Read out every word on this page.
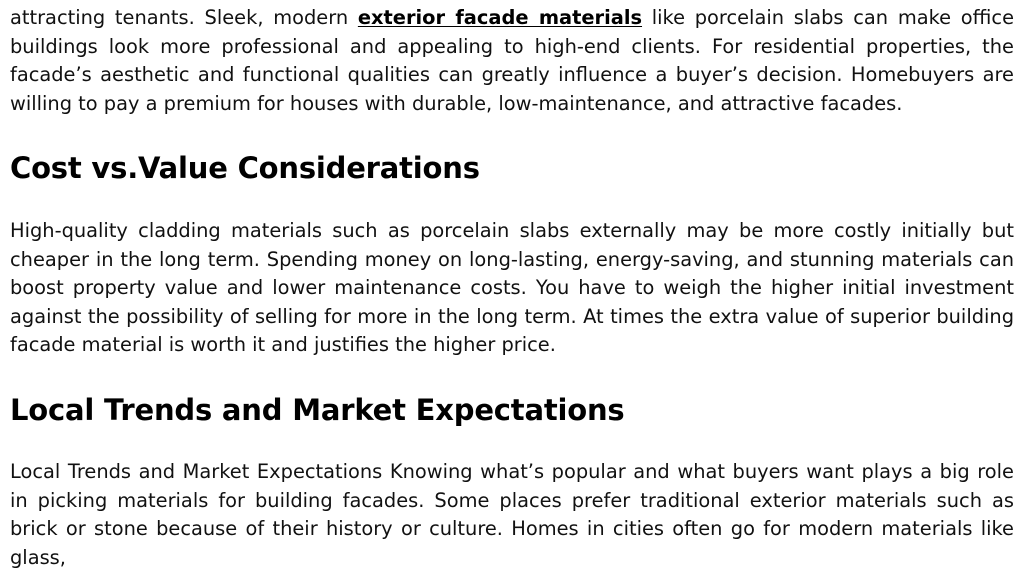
attracting tenants. Sleek, modern exterior facade materials like porcelain slabs can make office buildings look more professional and appealing to high-end clients. For residential properties, the facade’s aesthetic and functional qualities can greatly influence a buyer’s decision. Homebuyers are willing to pay a premium for houses with durable, low-maintenance, and attractive facades.

Cost vs.Value Considerations

High-quality cladding materials such as porcelain slabs externally may be more costly initially but cheaper in the long term. Spending money on long-lasting, energy-saving, and stunning materials can boost property value and lower maintenance costs. You have to weigh the higher initial investment against the possibility of selling for more in the long term. At times the extra value of superior building facade material is worth it and justifies the higher price.

Local Trends and Market Expectations

Local Trends and Market Expectations Knowing what’s popular and what buyers want plays a big role in picking materials for building facades. Some places prefer traditional exterior materials such as brick or stone because of their history or culture. Homes in cities often go for modern materials like glass,
